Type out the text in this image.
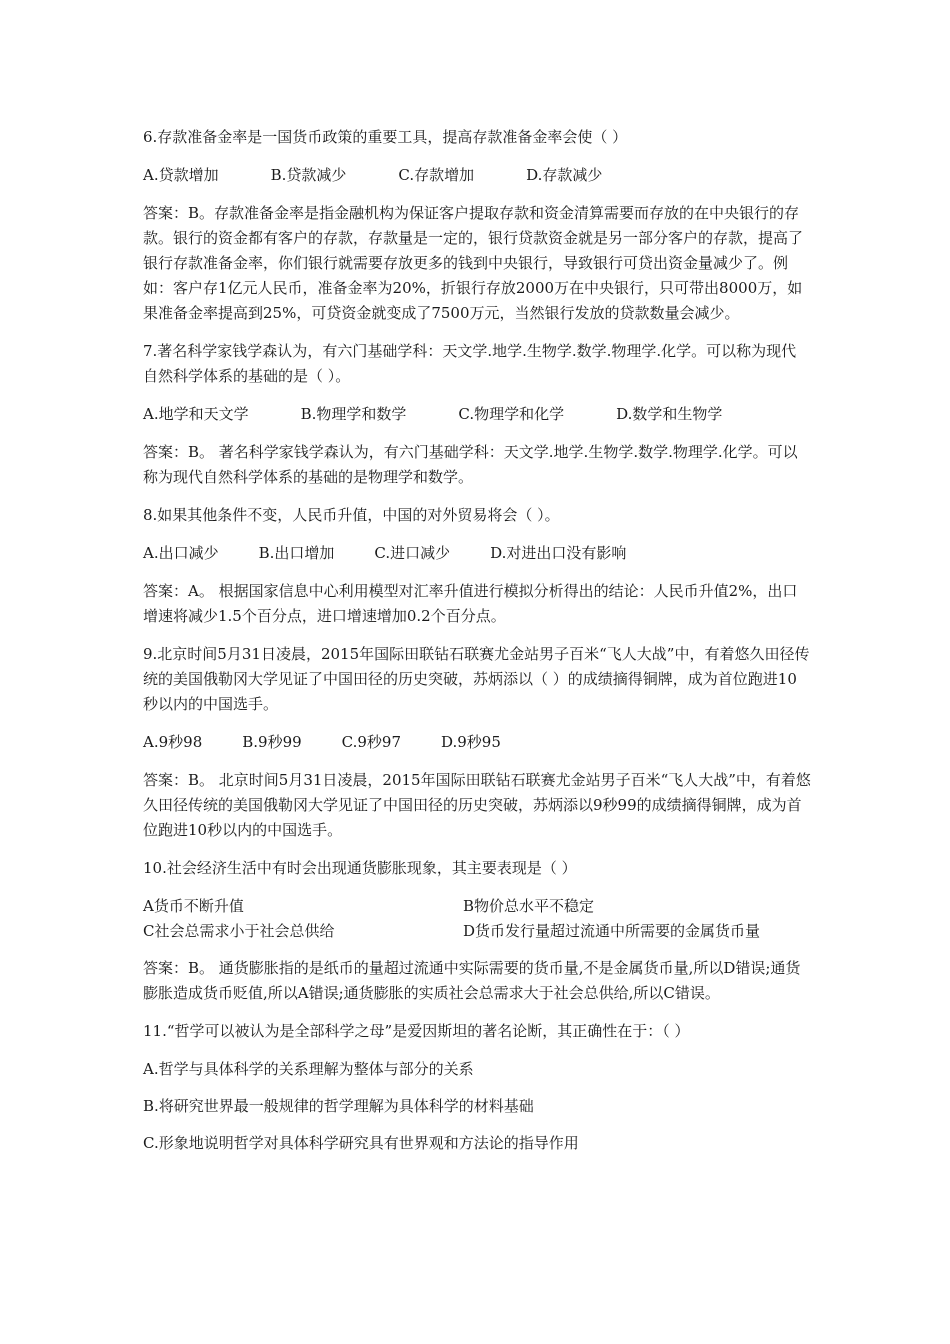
6.存款准备金率是一国货币政策的重要工具，提高存款准备金率会使（ ）

A.贷款增加	B.贷款减少	C.存款增加	D.存款减少

答案：B。存款准备金率是指金融机构为保证客户提取存款和资金清算需要而存放的在中央银行的存款。银行的资金都有客户的存款，存款量是一定的，银行贷款资金就是另一部分客户的存款，提高了银行存款准备金率，你们银行就需要存放更多的钱到中央银行，导致银行可贷出资金量减少了。例如：客户存1亿元人民币，准备金率为20%，折银行存放2000万在中央银行，只可带出8000万，如果准备金率提高到25%，可贷资金就变成了7500万元，当然银行发放的贷款数量会减少。

7.著名科学家钱学森认为，有六门基础学科：天文学.地学.生物学.数学.物理学.化学。可以称为现代自然科学体系的基础的是（ ）。

A.地学和天文学	B.物理学和数学	C.物理学和化学	D.数学和生物学

答案：B。 著名科学家钱学森认为，有六门基础学科：天文学.地学.生物学.数学.物理学.化学。可以称为现代自然科学体系的基础的是物理学和数学。

8.如果其他条件不变，人民币升值，中国的对外贸易将会（ ）。

A.出口减少	B.出口增加	C.进口减少	D.对进出口没有影响

答案：A。 根据国家信息中心利用模型对汇率升值进行模拟分析得出的结论：人民币升值2%，出口增速将减少1.5个百分点，进口增速增加0.2个百分点。

9.北京时间5月31日凌晨，2015年国际田联钻石联赛尤金站男子百米“飞人大战”中，有着悠久田径传统的美国俄勒冈大学见证了中国田径的历史突破，苏炳添以（ ）的成绩摘得铜牌，成为首位跑进10秒以内的中国选手。

A.9秒98	B.9秒99	C.9秒97	D.9秒95

答案：B。 北京时间5月31日凌晨，2015年国际田联钻石联赛尤金站男子百米“飞人大战”中，有着悠久田径传统的美国俄勒冈大学见证了中国田径的历史突破，苏炳添以9秒99的成绩摘得铜牌，成为首位跑进10秒以内的中国选手。

10.社会经济生活中有时会出现通货膨胀现象，其主要表现是（ ）

A货币不断升值	B物价总水平不稳定
C社会总需求小于社会总供给	D货币发行量超过流通中所需要的金属货币量

答案：B。 通货膨胀指的是纸币的量超过流通中实际需要的货币量,不是金属货币量,所以D错误;通货膨胀造成货币贬值,所以A错误;通货膨胀的实质社会总需求大于社会总供给,所以C错误。

11.“哲学可以被认为是全部科学之母”是爱因斯坦的著名论断，其正确性在于：（ ）

A.哲学与具体科学的关系理解为整体与部分的关系

B.将研究世界最一般规律的哲学理解为具体科学的材料基础

C.形象地说明哲学对具体科学研究具有世界观和方法论的指导作用
